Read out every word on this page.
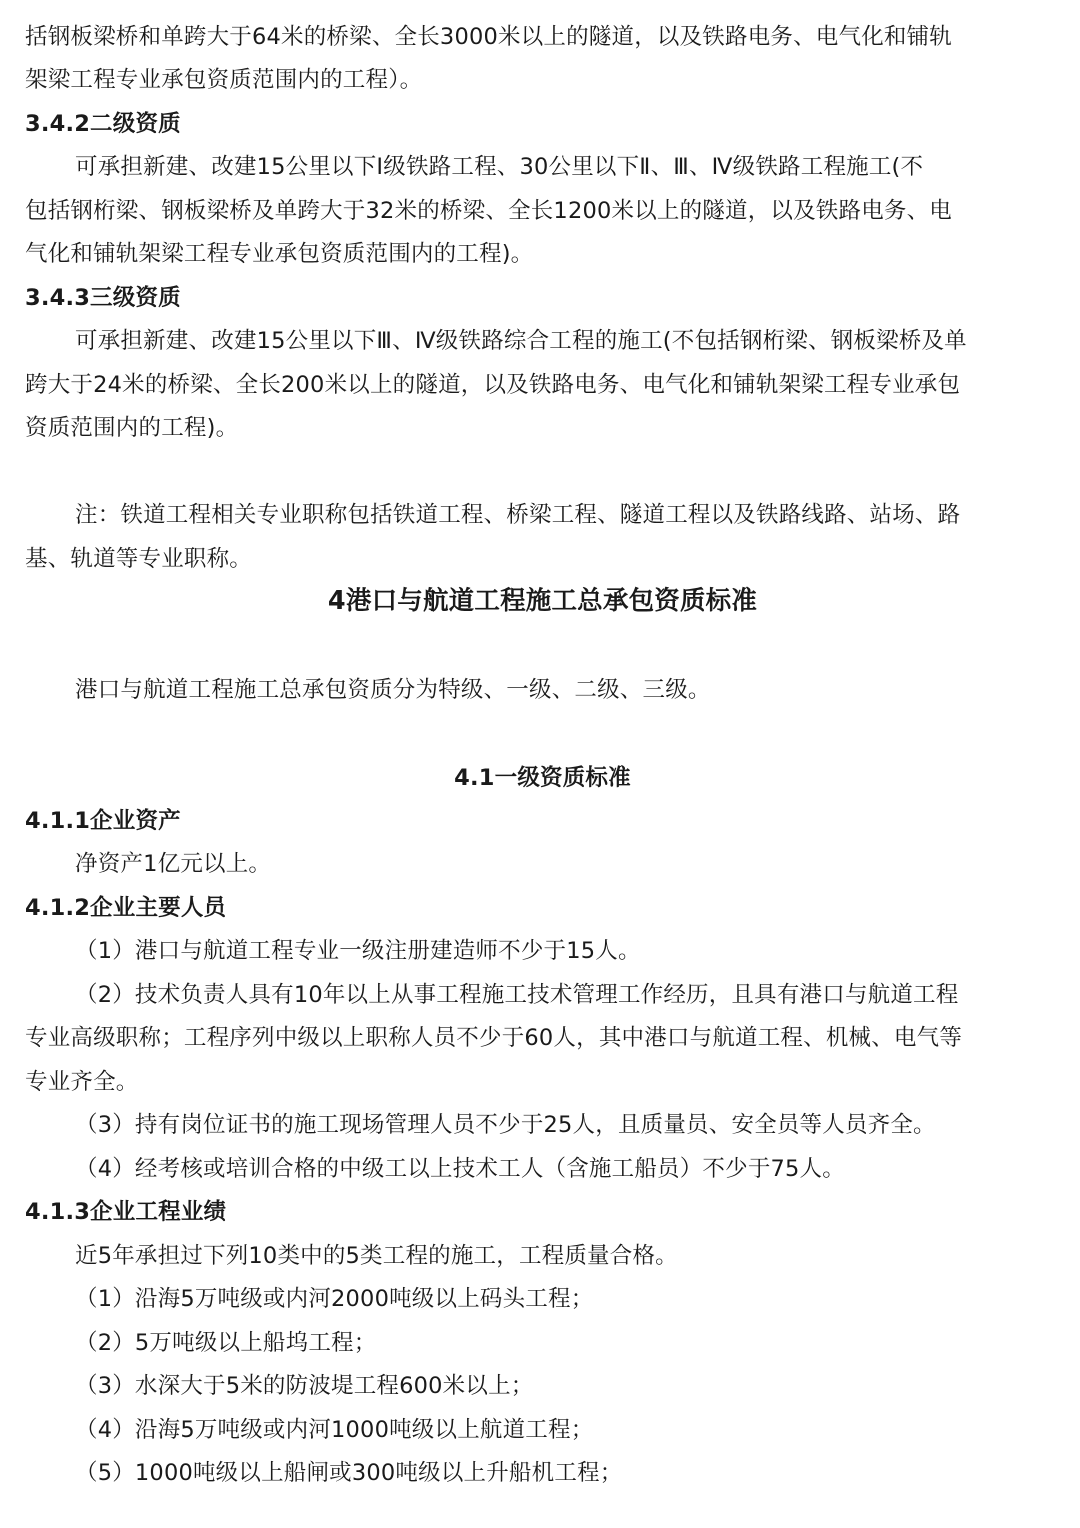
括钢板梁桥和单跨大于64米的桥梁、全长3000米以上的隧道，以及铁路电务、电气化和铺轨
架梁工程专业承包资质范围内的工程）。
3.4.2二级资质
可承担新建、改建15公里以下Ⅰ级铁路工程、30公里以下Ⅱ、Ⅲ、Ⅳ级铁路工程施工(不
包括钢桁梁、钢板梁桥及单跨大于32米的桥梁、全长1200米以上的隧道，以及铁路电务、电
气化和铺轨架梁工程专业承包资质范围内的工程)。
3.4.3三级资质
可承担新建、改建15公里以下Ⅲ、Ⅳ级铁路综合工程的施工(不包括钢桁梁、钢板梁桥及单
跨大于24米的桥梁、全长200米以上的隧道，以及铁路电务、电气化和铺轨架梁工程专业承包
资质范围内的工程)。
注：铁道工程相关专业职称包括铁道工程、桥梁工程、隧道工程以及铁路线路、站场、路
基、轨道等专业职称。
4港口与航道工程施工总承包资质标准
港口与航道工程施工总承包资质分为特级、一级、二级、三级。
4.1一级资质标准
4.1.1企业资产
净资产1亿元以上。
4.1.2企业主要人员
（1）港口与航道工程专业一级注册建造师不少于15人。
（2）技术负责人具有10年以上从事工程施工技术管理工作经历，且具有港口与航道工程
专业高级职称；工程序列中级以上职称人员不少于60人，其中港口与航道工程、机械、电气等
专业齐全。
（3）持有岗位证书的施工现场管理人员不少于25人，且质量员、安全员等人员齐全。
（4）经考核或培训合格的中级工以上技术工人（含施工船员）不少于75人。
4.1.3企业工程业绩
近5年承担过下列10类中的5类工程的施工，工程质量合格。
（1）沿海5万吨级或内河2000吨级以上码头工程；
（2）5万吨级以上船坞工程；
（3）水深大于5米的防波堤工程600米以上；
（4）沿海5万吨级或内河1000吨级以上航道工程；
（5）1000吨级以上船闸或300吨级以上升船机工程；
